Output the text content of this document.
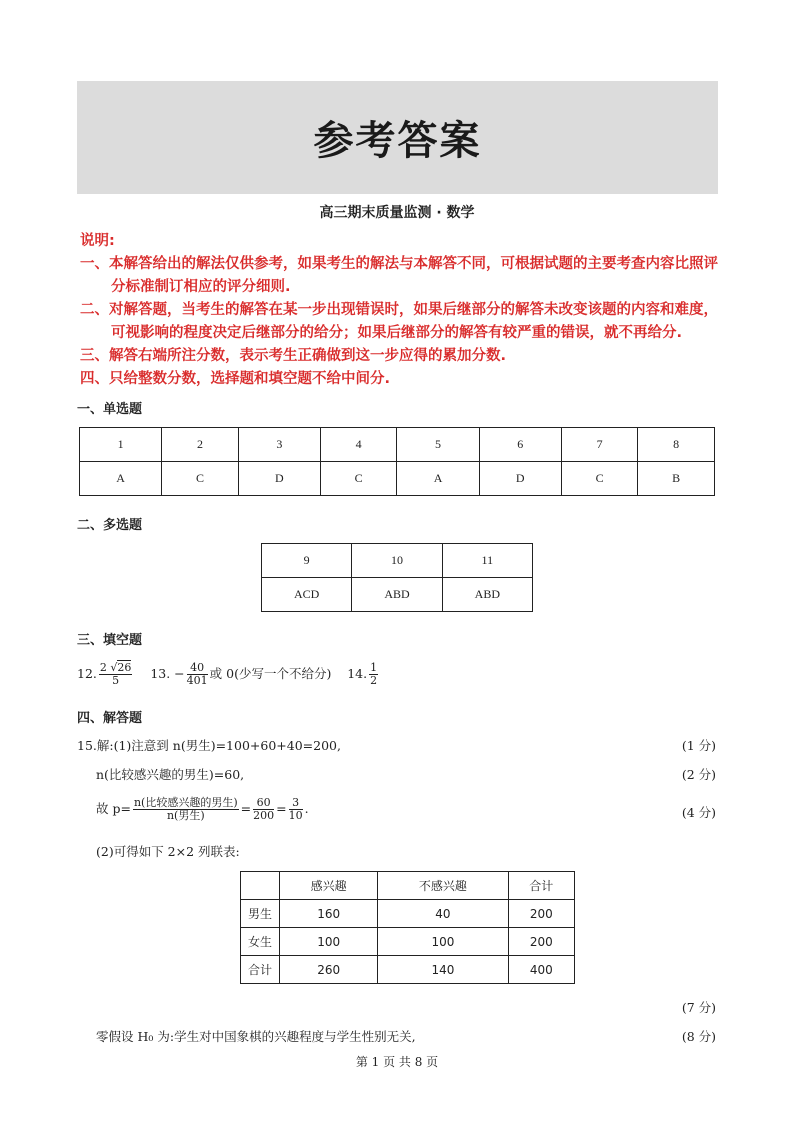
参考答案
高三期末质量监测 · 数学
说明:
一、本解答给出的解法仅供参考，如果考生的解法与本解答不同，可根据试题的主要考查内容比照评分标准制订相应的评分细则.
二、对解答题，当考生的解答在某一步出现错误时，如果后继部分的解答未改变该题的内容和难度，可视影响的程度决定后继部分的给分；如果后继部分的解答有较严重的错误，就不再给分.
三、解答右端所注分数，表示考生正确做到这一步应得的累加分数.
四、只给整数分数，选择题和填空题不给中间分.
一、单选题
1	2	3	4	5	6	7	8
A	C	D	C	A	D	C	B
二、多选题
9	10	11
ACD	ABD	ABD
三、填空题
12. $\frac{2 √26}{5} 13$. − $\frac{40}{401}$ 或 0(少写一个不给分) 14. $\frac{1}{2}$
四、解答题
15.解:(1)注意到 n(男生)=100+60+40=200,	(1 分)
n(比较感兴趣的男生)=60,	(2 分)
故 $p= \frac{\text{n(比较感兴趣的男生)}}{\text{n(男生)}} = \frac{60}{200} = \frac{3}{10}$ .	(4 分)
(2)可得如下 2×2 列联表:
	感兴趣	不感兴趣	合计
男生	160	40	200
女生	100	100	200
合计	260	140	400
(7 分)
零假设 H₀ 为:学生对中国象棋的兴趣程度与学生性别无关,	(8 分)
第 1 页 共 8 页
